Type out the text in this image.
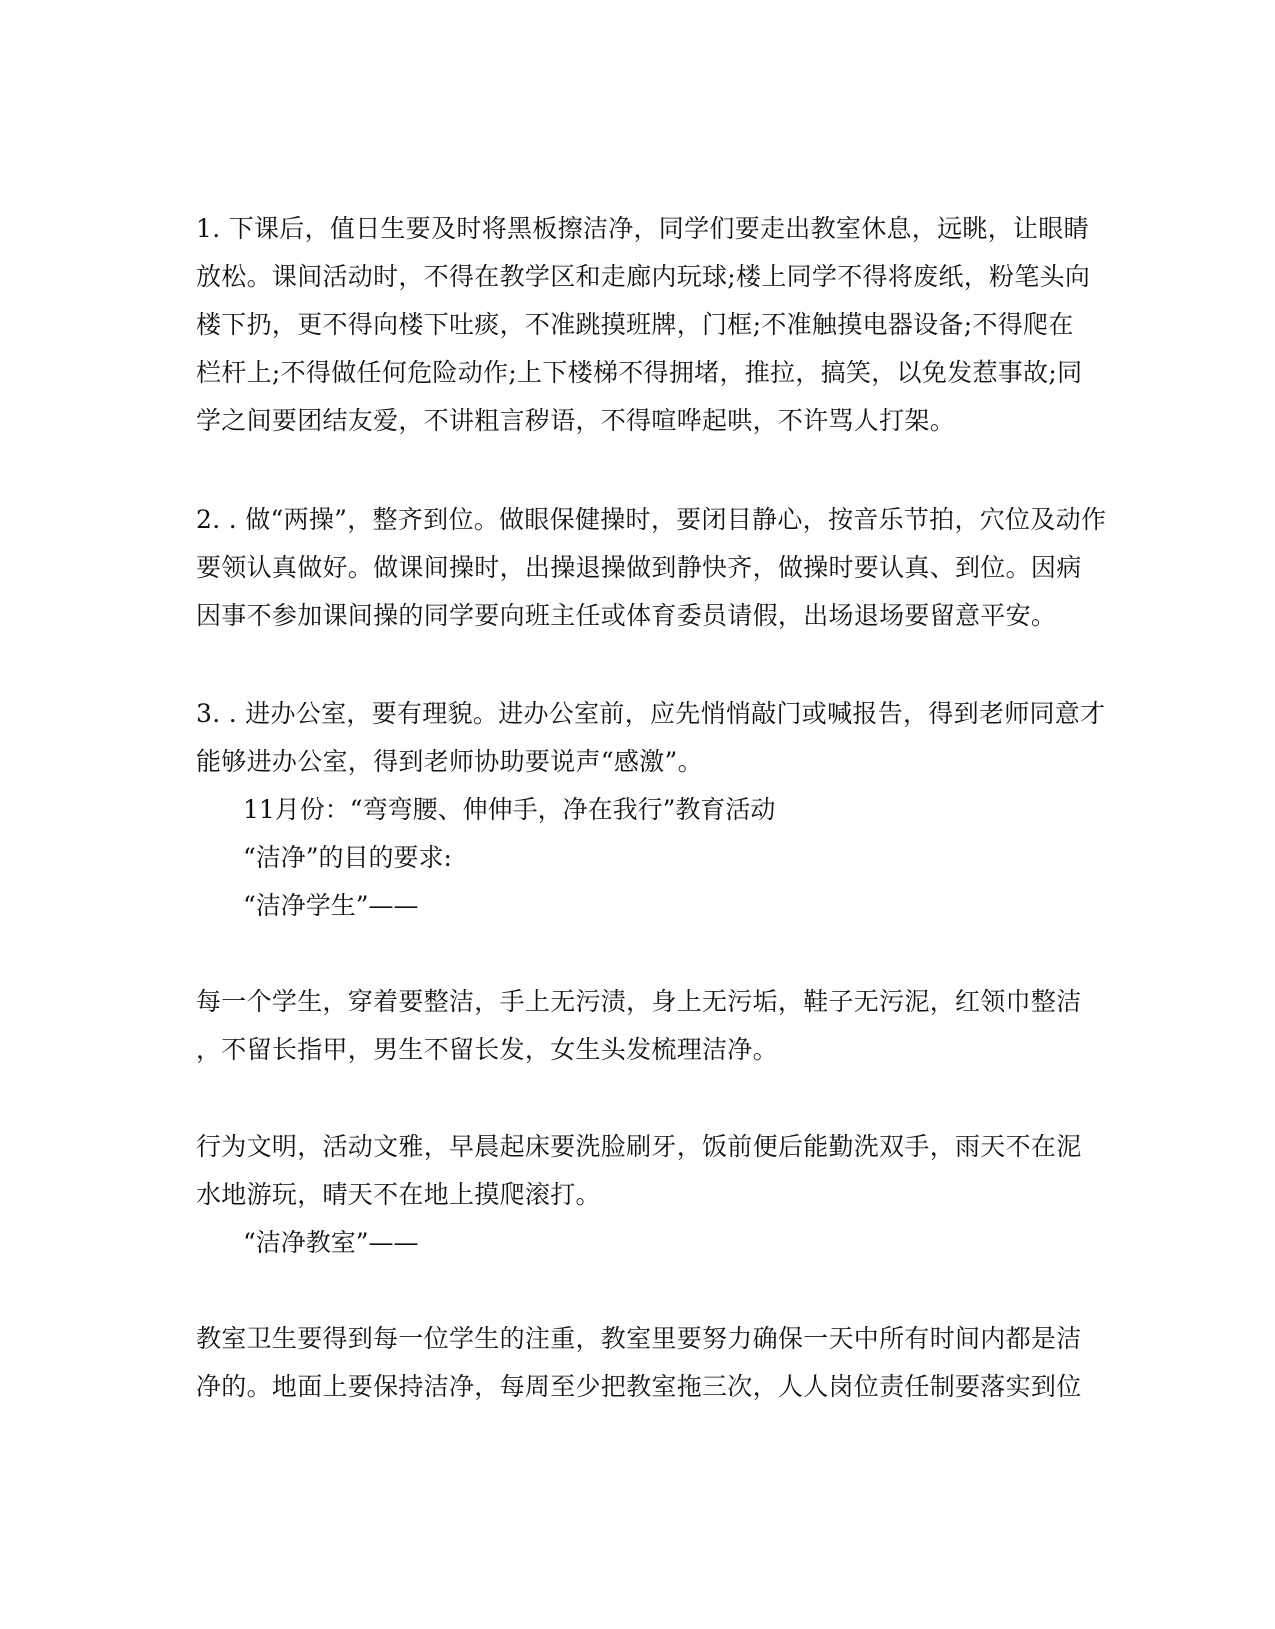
1. 下课后，值日生要及时将黑板擦洁净，同学们要走出教室休息，远眺，让眼睛
放松。课间活动时，不得在教学区和走廊内玩球;楼上同学不得将废纸，粉笔头向
楼下扔，更不得向楼下吐痰，不准跳摸班牌，门框;不准触摸电器设备;不得爬在
栏杆上;不得做任何危险动作;上下楼梯不得拥堵，推拉，搞笑，以免发惹事故;同
学之间要团结友爱，不讲粗言秽语，不得喧哗起哄，不许骂人打架。
2. . 做“两操”，整齐到位。做眼保健操时，要闭目静心，按音乐节拍，穴位及动作
要领认真做好。做课间操时，出操退操做到静快齐，做操时要认真、到位。因病
因事不参加课间操的同学要向班主任或体育委员请假，出场退场要留意平安。
3. . 进办公室，要有理貌。进办公室前，应先悄悄敲门或喊报告，得到老师同意才
能够进办公室，得到老师协助要说声“感激”。
11月份：“弯弯腰、伸伸手，净在我行”教育活动
“洁净”的目的要求:
“洁净学生”——
每一个学生，穿着要整洁，手上无污渍，身上无污垢，鞋子无污泥，红领巾整洁
，不留长指甲，男生不留长发，女生头发梳理洁净。
行为文明，活动文雅，早晨起床要洗脸刷牙，饭前便后能勤洗双手，雨天不在泥
水地游玩，晴天不在地上摸爬滚打。
“洁净教室”——
教室卫生要得到每一位学生的注重，教室里要努力确保一天中所有时间内都是洁
净的。地面上要保持洁净，每周至少把教室拖三次，人人岗位责任制要落实到位
